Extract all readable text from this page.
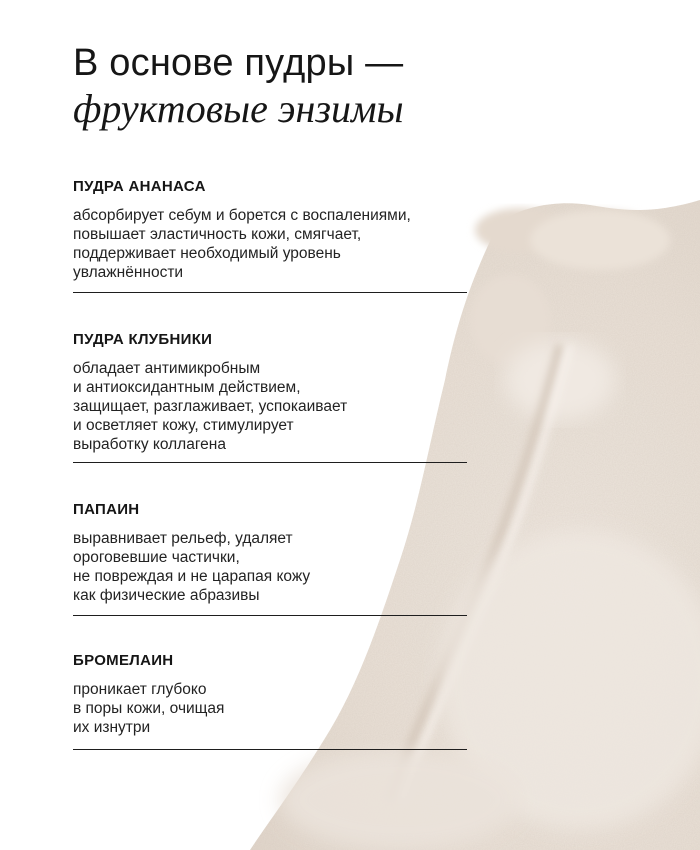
В основе пудры —
фруктовые энзимы
ПУДРА АНАНАСА
абсорбирует себум и борется с воспалениями,
повышает эластичность кожи, смягчает,
поддерживает необходимый уровень
увлажнённости
ПУДРА КЛУБНИКИ
обладает антимикробным
и антиоксидантным действием,
защищает, разглаживает, успокаивает
и осветляет кожу, стимулирует
выработку коллагена
ПАПАИН
выравнивает рельеф, удаляет
ороговевшие частички,
не повреждая и не царапая кожу
как физические абразивы
БРОМЕЛАИН
проникает глубоко
в поры кожи, очищая
их изнутри
